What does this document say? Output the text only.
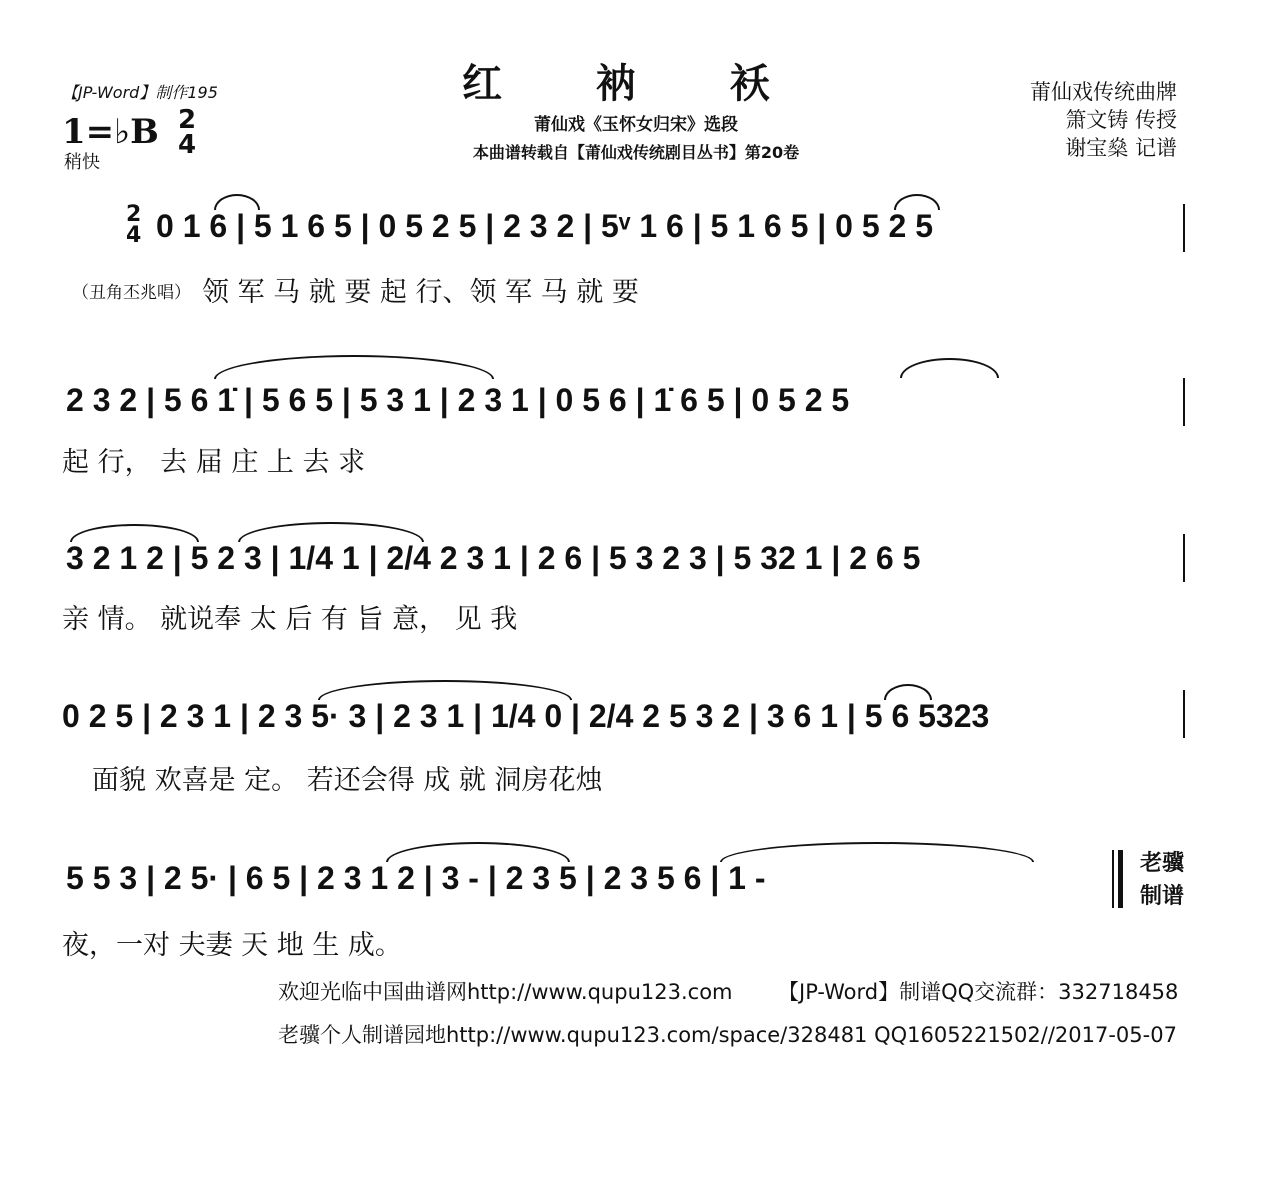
红 衲 袄
【JP-Word】制作195
莆仙戏《玉怀女归宋》选段
本曲谱转载自【莆仙戏传统剧目丛书】第20卷
莆仙戏传统曲牌
箫文铸 传授
谢宝燊 记谱
1=♭B 2
4
稍快
2
4 0 1 6 | 5 1 6 5 | 0 5 2 5 | 2 3 2 | 5ᵛ 1 6 | 5 1 6 5 | 0 5 2 5
（丑角丕兆唱） 领 军 马 就 要 起 行、领 军 马 就 要
2 3 2 | 5 6 1̇ | 5 6 5 | 5 3 1 | 2 3 1 | 0 5 6 | 1̇ 6 5 | 0 5 2 5
起 行， 去 届 庄 上 去 求
3 2 1 2 | 5 2 3 | 1/4 1 | 2/4 2 3 1 | 2 6 | 5 3 2 3 | 5 32 1 | 2 6 5
亲 情。 就说奉 太 后 有 旨 意， 见 我
0 2 5 | 2 3 1 | 2 3 5· 3 | 2 3 1 | 1/4 0 | 2/4 2 5 3 2 | 3 6 1 | 5 6 5323
面貌 欢喜是 定。 若还会得 成 就 洞房花烛
5 5 3 | 2 5· | 6 5 | 2 3 1 2 | 3 - | 2 3 5 | 2 3 5 6 | 1 -
夜，一对 夫妻 天 地 生 成。
老骥
制谱
欢迎光临中国曲谱网http://www.qupu123.com 【JP-Word】制谱QQ交流群：332718458
老骥个人制谱园地http://www.qupu123.com/space/328481 QQ1605221502//2017-05-07
